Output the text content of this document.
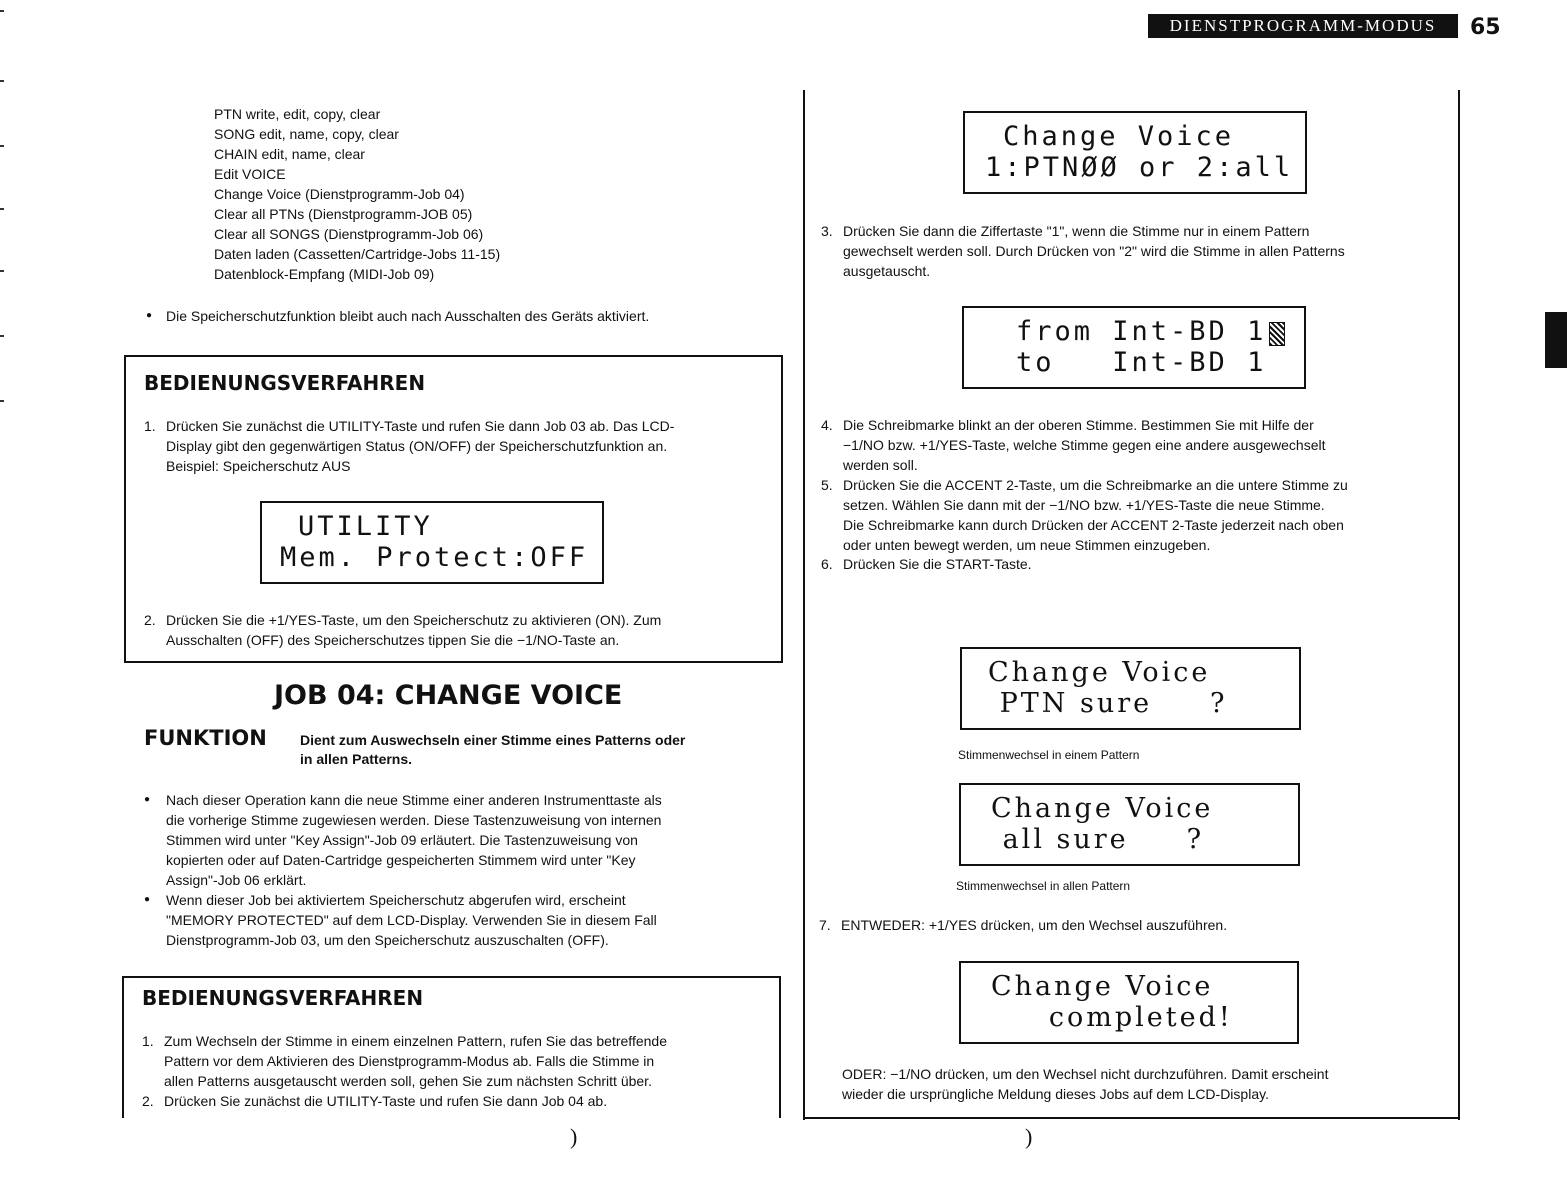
DIENSTPROGRAMM-MODUS	65
PTN write, edit, copy, clear
SONG edit, name, copy, clear
CHAIN edit, name, clear
Edit VOICE
Change Voice (Dienstprogramm-Job 04)
Clear all PTNs (Dienstprogramm-JOB 05)
Clear all SONGS (Dienstprogramm-Job 06)
Daten laden (Cassetten/Cartridge-Jobs 11-15)
Datenblock-Empfang (MIDI-Job 09)
● Die Speicherschutzfunktion bleibt auch nach Ausschalten des Geräts aktiviert.
BEDIENUNGSVERFAHREN
1. Drücken Sie zunächst die UTILITY-Taste und rufen Sie dann Job 03 ab. Das LCD-
Display gibt den gegenwärtigen Status (ON/OFF) der Speicherschutzfunktion an.
Beispiel: Speicherschutz AUS
UTILITY
Mem. Protect:OFF
2. Drücken Sie die +1/YES-Taste, um den Speicherschutz zu aktivieren (ON). Zum
Ausschalten (OFF) des Speicherschutzes tippen Sie die −1/NO-Taste an.
JOB 04: CHANGE VOICE
FUNKTION Dient zum Auswechseln einer Stimme eines Patterns oder
in allen Patterns.
● Nach dieser Operation kann die neue Stimme einer anderen Instrumenttaste als
die vorherige Stimme zugewiesen werden. Diese Tastenzuweisung von internen
Stimmen wird unter "Key Assign"-Job 09 erläutert. Die Tastenzuweisung von
kopierten oder auf Daten-Cartridge gespeicherten Stimmem wird unter "Key
Assign"-Job 06 erklärt.
● Wenn dieser Job bei aktiviertem Speicherschutz abgerufen wird, erscheint
"MEMORY PROTECTED" auf dem LCD-Display. Verwenden Sie in diesem Fall
Dienstprogramm-Job 03, um den Speicherschutz auszuschalten (OFF).
BEDIENUNGSVERFAHREN
1. Zum Wechseln der Stimme in einem einzelnen Pattern, rufen Sie das betreffende
Pattern vor dem Aktivieren des Dienstprogramm-Modus ab. Falls die Stimme in
allen Patterns ausgetauscht werden soll, gehen Sie zum nächsten Schritt über.
2. Drücken Sie zunächst die UTILITY-Taste und rufen Sie dann Job 04 ab.
)
Change Voice
1:PTNØØ or 2:all
3. Drücken Sie dann die Ziffertaste "1", wenn die Stimme nur in einem Pattern
gewechselt werden soll. Durch Drücken von "2" wird die Stimme in allen Patterns
ausgetauscht.
from Int-BD 1
to   Int-BD 1
4. Die Schreibmarke blinkt an der oberen Stimme. Bestimmen Sie mit Hilfe der
−1/NO bzw. +1/YES-Taste, welche Stimme gegen eine andere ausgewechselt
werden soll.
5. Drücken Sie die ACCENT 2-Taste, um die Schreibmarke an die untere Stimme zu
setzen. Wählen Sie dann mit der −1/NO bzw. +1/YES-Taste die neue Stimme.
Die Schreibmarke kann durch Drücken der ACCENT 2-Taste jederzeit nach oben
oder unten bewegt werden, um neue Stimmen einzugeben.
6. Drücken Sie die START-Taste.
Change Voice
PTN sure     ?
Stimmenwechsel in einem Pattern
Change Voice
all sure     ?
Stimmenwechsel in allen Pattern
7. ENTWEDER: +1/YES drücken, um den Wechsel auszuführen.
Change Voice
completed!
ODER: −1/NO drücken, um den Wechsel nicht durchzuführen. Damit erscheint
wieder die ursprüngliche Meldung dieses Jobs auf dem LCD-Display.
)
